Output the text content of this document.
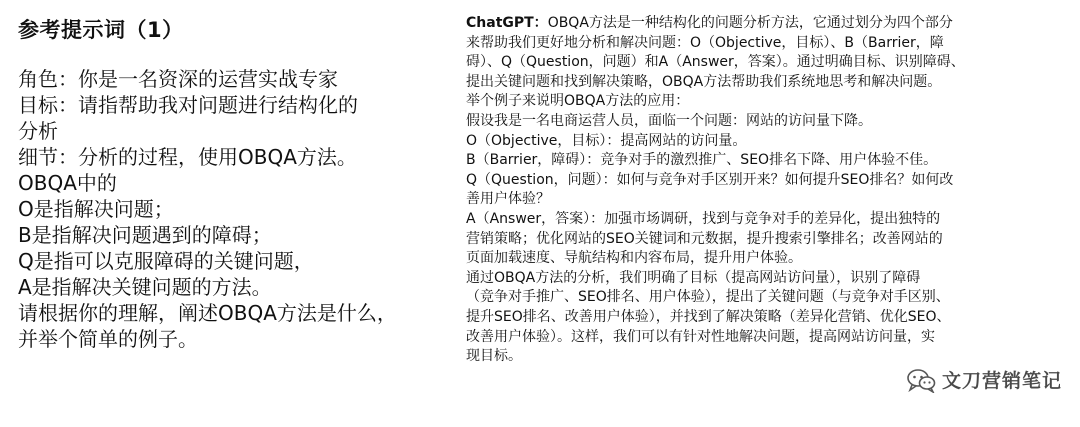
参考提示词（1）
角色：你是一名资深的运营实战专家
目标：请指帮助我对问题进行结构化的
分析
细节：分析的过程，使用OBQA方法。
OBQA中的
O是指解决问题；
B是指解决问题遇到的障碍；
Q是指可以克服障碍的关键问题，
A是指解决关键问题的方法。
请根据你的理解，阐述OBQA方法是什么，
并举个简单的例子。
ChatGPT：OBQA方法是一种结构化的问题分析方法，它通过划分为四个部分
来帮助我们更好地分析和解决问题：O（Objective，目标）、B（Barrier，障
碍）、Q（Question，问题）和A（Answer，答案）。通过明确目标、识别障碍、
提出关键问题和找到解决策略，OBQA方法帮助我们系统地思考和解决问题。
举个例子来说明OBQA方法的应用：
假设我是一名电商运营人员，面临一个问题：网站的访问量下降。
O（Objective，目标）：提高网站的访问量。
B（Barrier，障碍）：竞争对手的激烈推广、SEO排名下降、用户体验不佳。
Q（Question，问题）：如何与竞争对手区别开来？如何提升SEO排名？如何改
善用户体验？
A（Answer，答案）：加强市场调研，找到与竞争对手的差异化，提出独特的
营销策略；优化网站的SEO关键词和元数据，提升搜索引擎排名；改善网站的
页面加载速度、导航结构和内容布局，提升用户体验。
通过OBQA方法的分析，我们明确了目标（提高网站访问量），识别了障碍
（竞争对手推广、SEO排名、用户体验），提出了关键问题（与竞争对手区别、
提升SEO排名、改善用户体验），并找到了解决策略（差异化营销、优化SEO、
改善用户体验）。这样，我们可以有针对性地解决问题，提高网站访问量，实
现目标。
文刀营销笔记
